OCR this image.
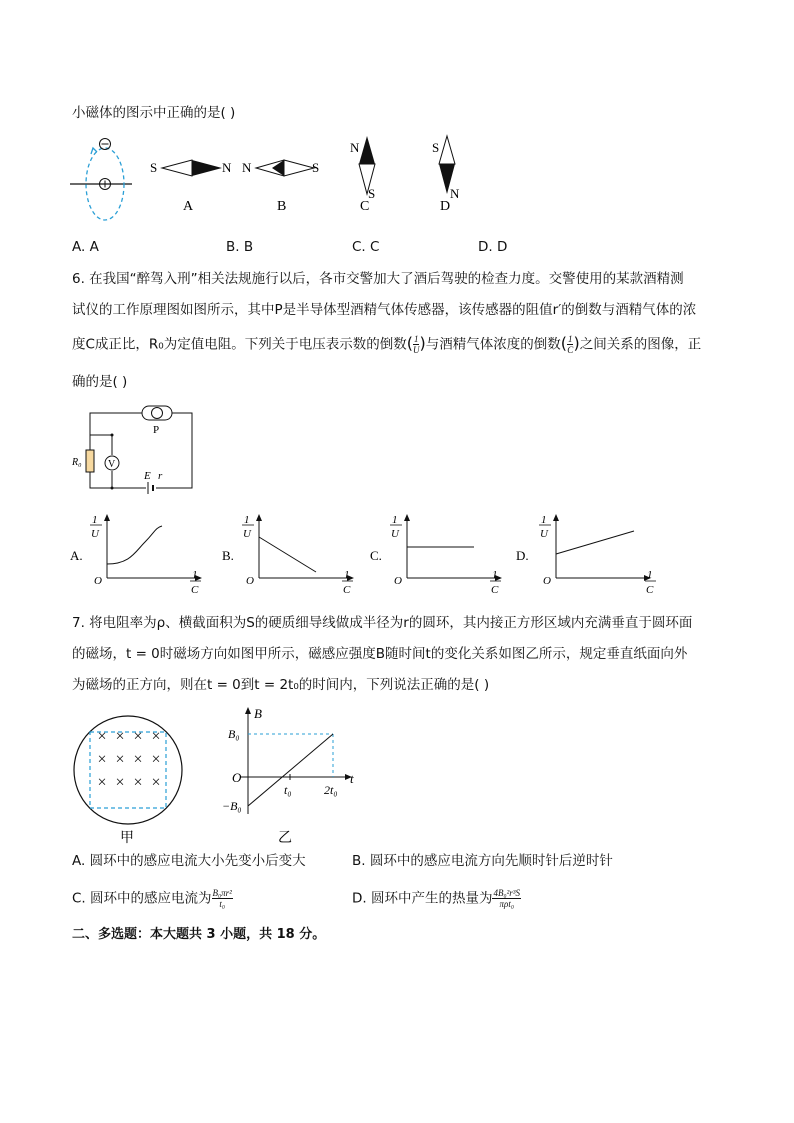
小磁体的图示中正确的是( )
S	N
A
N	S
B
N
S
C
S
N
D
A. A	B. B	C. C	D. D
6. 在我国“醉驾入刑”相关法规施行以后，各市交警加大了酒后驾驶的检查力度。交警使用的某款酒精测
试仪的工作原理图如图所示，其中P是半导体型酒精气体传感器，该传感器的阻值r′的倒数与酒精气体的浓
度C成正比，R₀为定值电阻。下列关于电压表示数的倒数( $\frac{1}{U}$ )与酒精气体浓度的倒数( $\frac{1}{C}$ )之间关系的图像，正
确的是( )
P
R₀	V
E r
A.
1
U
O	1
C
B.
1
U
O	1
C
C.
1
U
O	1
C
D.
1
U
O	1
C
7. 将电阻率为ρ、横截面积为S的硬质细导线做成半径为r的圆环，其内接正方形区域内充满垂直于圆环面
的磁场，t = 0时磁场方向如图甲所示，磁感应强度B随时间t的变化关系如图乙所示，规定垂直纸面向外
为磁场的正方向，则在t = 0到t = 2t₀的时间内，下列说法正确的是( )
× × × ×
× × × ×
× × × ×
甲
B
t
O
B₀
−B₀
t₀	2t₀
乙
A. 圆环中的感应电流大小先变小后变大	B. 圆环中的感应电流方向先顺时针后逆时针
C. 圆环中的感应电流为 $\frac{\text{B₀πr²}}{\text{t₀}}$	D. 圆环中产生的热量为 $\frac{\text{4B₀²r³S}}{\text{πρt₀}}$
二、多选题：本大题共 3 小题，共 18 分。
